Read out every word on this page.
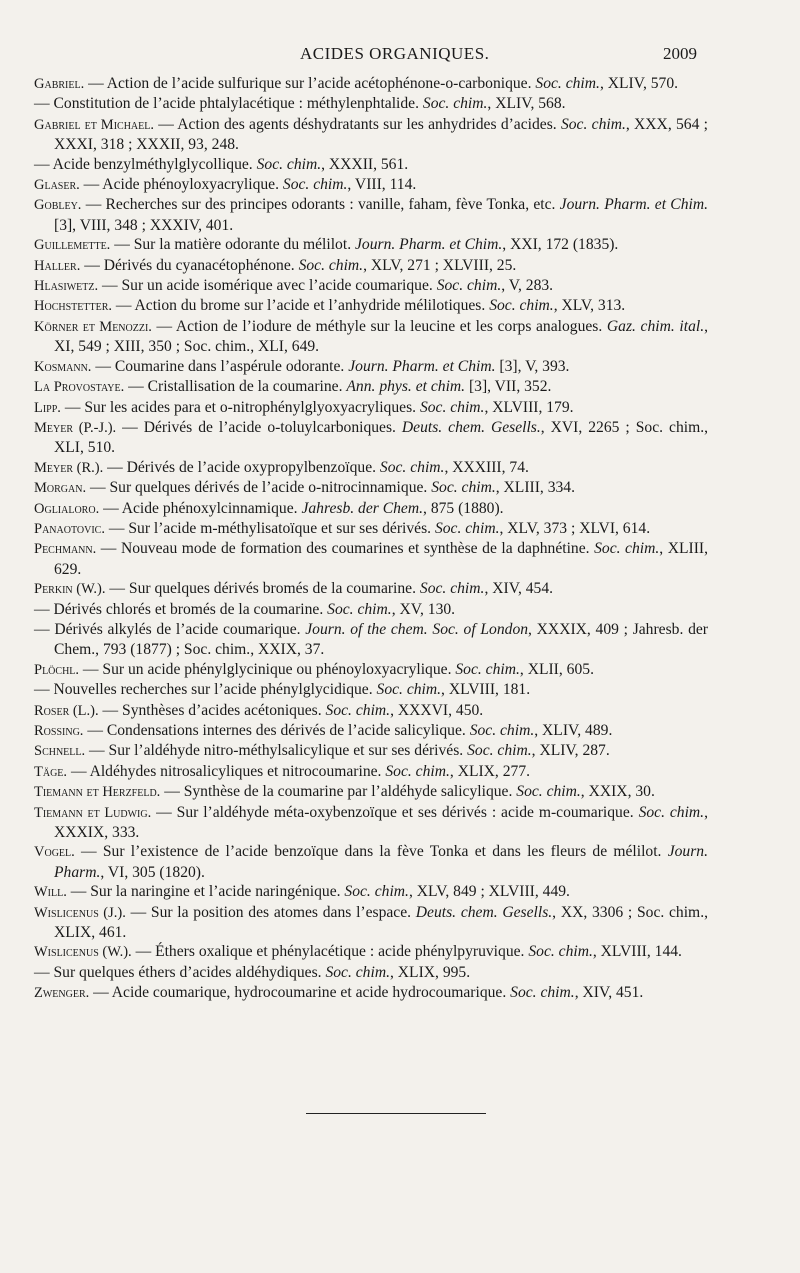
ACIDES ORGANIQUES.	2009

Gabriel. — Action de l’acide sulfurique sur l’acide acétophénone-o-carbonique. Soc. chim., XLIV, 570.

— Constitution de l’acide phtalylacétique : méthylenphtalide. Soc. chim., XLIV, 568.

Gabriel et Michael. — Action des agents déshydratants sur les anhydrides d’acides. Soc. chim., XXX, 564 ; XXXI, 318 ; XXXII, 93, 248.

— Acide benzylméthylglycollique. Soc. chim., XXXII, 561.

Glaser. — Acide phénoyloxyacrylique. Soc. chim., VIII, 114.

Gobley. — Recherches sur des principes odorants : vanille, faham, fève Tonka, etc. Journ. Pharm. et Chim. [3], VIII, 348 ; XXXIV, 401.

Guillemette. — Sur la matière odorante du mélilot. Journ. Pharm. et Chim., XXI, 172 (1835).

Haller. — Dérivés du cyanacétophénone. Soc. chim., XLV, 271 ; XLVIII, 25.

Hlasiwetz. — Sur un acide isomérique avec l’acide coumarique. Soc. chim., V, 283.

Hochstetter. — Action du brome sur l’acide et l’anhydride mélilotiques. Soc. chim., XLV, 313.

Körner et Menozzi. — Action de l’iodure de méthyle sur la leucine et les corps analogues. Gaz. chim. ital., XI, 549 ; XIII, 350 ; Soc. chim., XLI, 649.

Kosmann. — Coumarine dans l’aspérule odorante. Journ. Pharm. et Chim. [3], V, 393.

La Provostaye. — Cristallisation de la coumarine. Ann. phys. et chim. [3], VII, 352.

Lipp. — Sur les acides para et o-nitrophénylglyoxyacryliques. Soc. chim., XLVIII, 179.

Meyer (P.-J.). — Dérivés de l’acide o-toluylcarboniques. Deuts. chem. Gesells., XVI, 2265 ; Soc. chim., XLI, 510.

Meyer (R.). — Dérivés de l’acide oxypropylbenzoïque. Soc. chim., XXXIII, 74.

Morgan. — Sur quelques dérivés de l’acide o-nitrocinnamique. Soc. chim., XLIII, 334.

Oglialoro. — Acide phénoxylcinnamique. Jahresb. der Chem., 875 (1880).

Panaotovic. — Sur l’acide m-méthylisatoïque et sur ses dérivés. Soc. chim., XLV, 373 ; XLVI, 614.

Pechmann. — Nouveau mode de formation des coumarines et synthèse de la daphnétine. Soc. chim., XLIII, 629.

Perkin (W.). — Sur quelques dérivés bromés de la coumarine. Soc. chim., XIV, 454.

— Dérivés chlorés et bromés de la coumarine. Soc. chim., XV, 130.

— Dérivés alkylés de l’acide coumarique. Journ. of the chem. Soc. of London, XXXIX, 409 ; Jahresb. der Chem., 793 (1877) ; Soc. chim., XXIX, 37.

Plöchl. — Sur un acide phénylglycinique ou phénoyloxyacrylique. Soc. chim., XLII, 605.

— Nouvelles recherches sur l’acide phénylglycidique. Soc. chim., XLVIII, 181.

Roser (L.). — Synthèses d’acides acétoniques. Soc. chim., XXXVI, 450.

Rossing. — Condensations internes des dérivés de l’acide salicylique. Soc. chim., XLIV, 489.

Schnell. — Sur l’aldéhyde nitro-méthylsalicylique et sur ses dérivés. Soc. chim., XLIV, 287.

Täge. — Aldéhydes nitrosalicyliques et nitrocoumarine. Soc. chim., XLIX, 277.

Tiemann et Herzfeld. — Synthèse de la coumarine par l’aldéhyde salicylique. Soc. chim., XXIX, 30.

Tiemann et Ludwig. — Sur l’aldéhyde méta-oxybenzoïque et ses dérivés : acide m-coumarique. Soc. chim., XXXIX, 333.

Vogel. — Sur l’existence de l’acide benzoïque dans la fève Tonka et dans les fleurs de mélilot. Journ. Pharm., VI, 305 (1820).

Will. — Sur la naringine et l’acide naringénique. Soc. chim., XLV, 849 ; XLVIII, 449.

Wislicenus (J.). — Sur la position des atomes dans l’espace. Deuts. chem. Gesells., XX, 3306 ; Soc. chim., XLIX, 461.

Wislicenus (W.). — Éthers oxalique et phénylacétique : acide phénylpyruvique. Soc. chim., XLVIII, 144.

— Sur quelques éthers d’acides aldéhydiques. Soc. chim., XLIX, 995.

Zwenger. — Acide coumarique, hydrocoumarine et acide hydrocoumarique. Soc. chim., XIV, 451.
